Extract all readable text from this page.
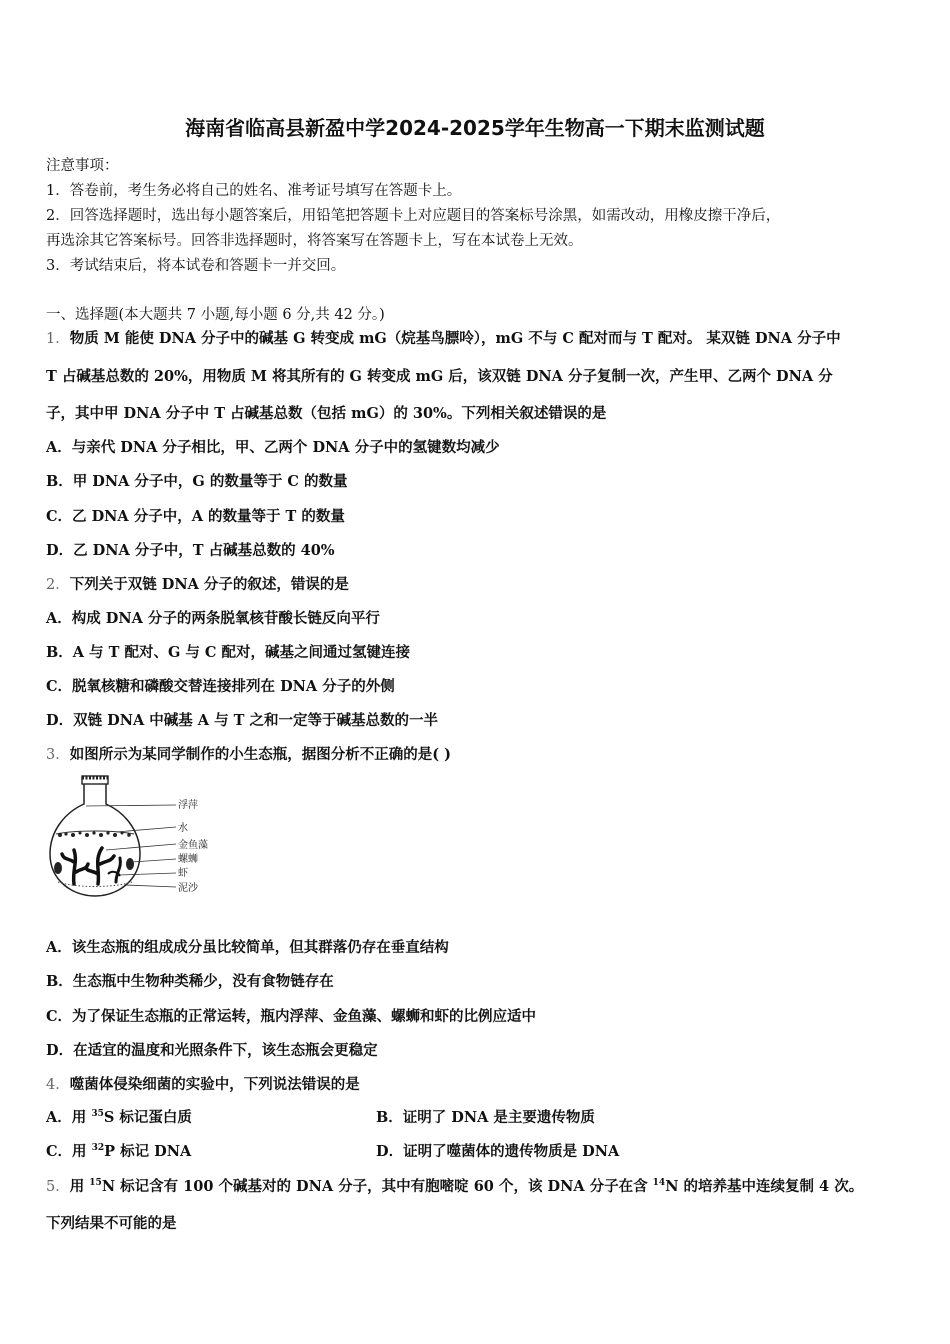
海南省临高县新盈中学2024-2025学年生物高一下期末监测试题
注意事项：
1．答卷前，考生务必将自己的姓名、准考证号填写在答题卡上。
2．回答选择题时，选出每小题答案后，用铅笔把答题卡上对应题目的答案标号涂黑，如需改动，用橡皮擦干净后，
再选涂其它答案标号。回答非选择题时，将答案写在答题卡上，写在本试卷上无效。
3．考试结束后，将本试卷和答题卡一并交回。
一、选择题(本大题共 7 小题,每小题 6 分,共 42 分。)
1．物质 M 能使 DNA 分子中的碱基 G 转变成 mG（烷基鸟膘呤），mG 不与 C 配对而与 T 配对。 某双链 DNA 分子中
T 占碱基总数的 20%，用物质 M 将其所有的 G 转变成 mG 后，该双链 DNA 分子复制一次，产生甲、乙两个 DNA 分
子，其中甲 DNA 分子中 T 占碱基总数（包括 mG）的 30%。下列相关叙述错误的是
A．与亲代 DNA 分子相比，甲、乙两个 DNA 分子中的氢键数均减少
B．甲 DNA 分子中，G 的数量等于 C 的数量
C．乙 DNA 分子中，A 的数量等于 T 的数量
D．乙 DNA 分子中，T 占碱基总数的 40%
2．下列关于双链 DNA 分子的叙述，错误的是
A．构成 DNA 分子的两条脱氧核苷酸长链反向平行
B．A 与 T 配对、G 与 C 配对，碱基之间通过氢键连接
C．脱氧核糖和磷酸交替连接排列在 DNA 分子的外侧
D．双链 DNA 中碱基 A 与 T 之和一定等于碱基总数的一半
3．如图所示为某同学制作的小生态瓶，据图分析不正确的是( )
浮萍
水
金鱼藻
螺蛳
虾
泥沙
A．该生态瓶的组成成分虽比较简单，但其群落仍存在垂直结构
B．生态瓶中生物种类稀少，没有食物链存在
C．为了保证生态瓶的正常运转，瓶内浮萍、金鱼藻、螺蛳和虾的比例应适中
D．在适宜的温度和光照条件下，该生态瓶会更稳定
4．噬菌体侵染细菌的实验中，下列说法错误的是
A．用 $^{35}$S 标记蛋白质	B．证明了 DNA 是主要遗传物质
C．用 $^{32}$P 标记 DNA	D．证明了噬菌体的遗传物质是 DNA
5．用 $^{15}$N 标记含有 100 个碱基对的 DNA 分子，其中有胞嘧啶 60 个，该 DNA 分子在含 $^{14}$N 的培养基中连续复制 4 次。
下列结果不可能的是
